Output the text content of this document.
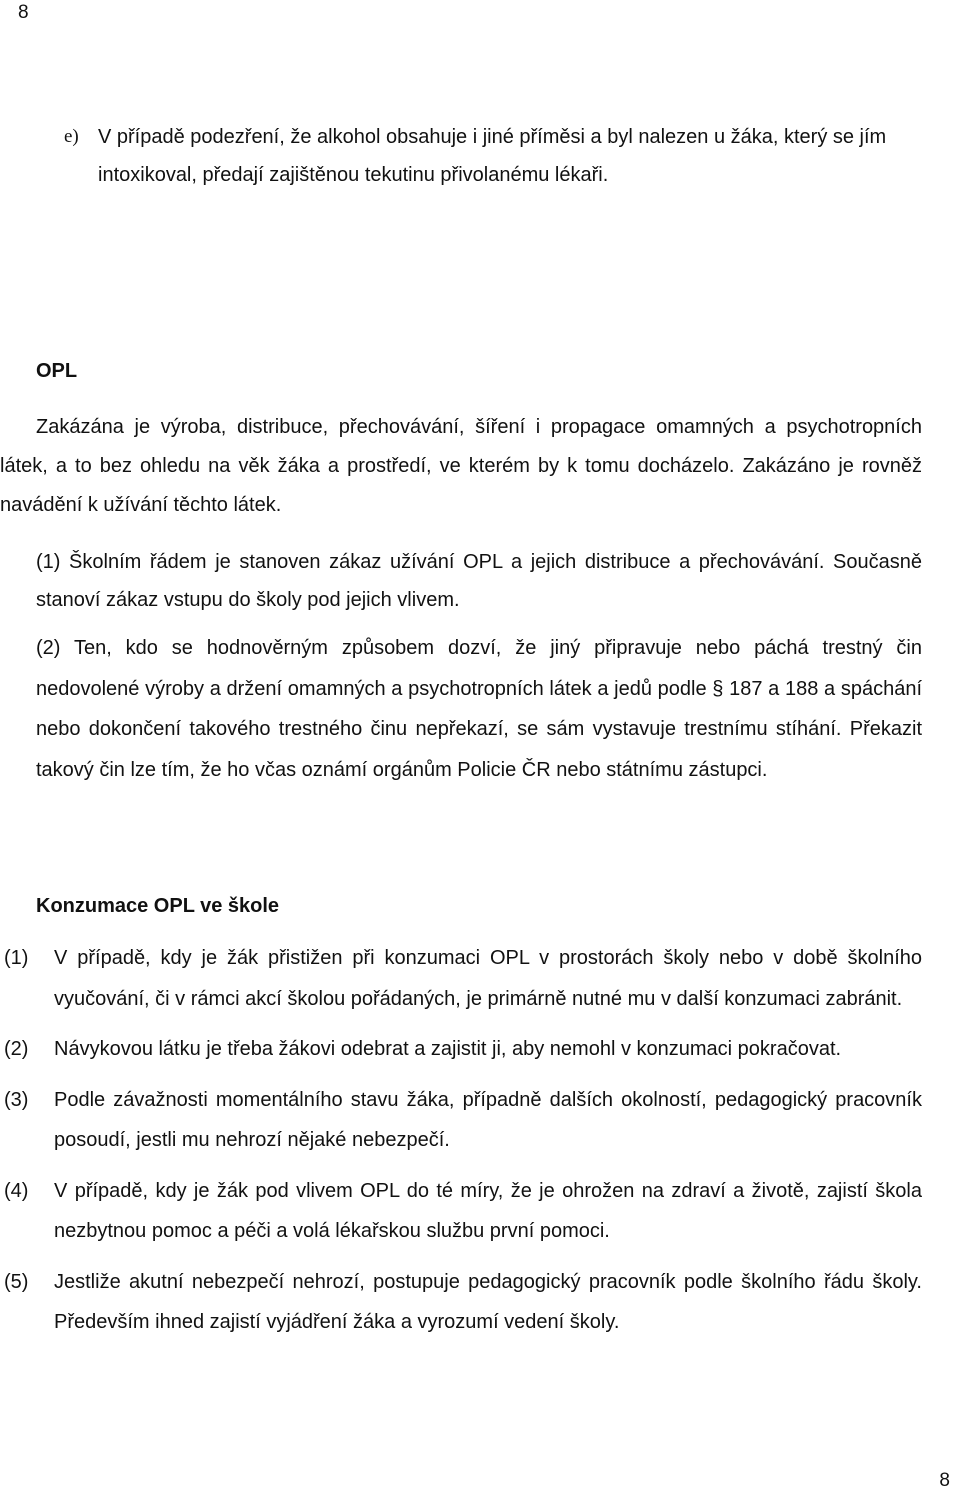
8
e) V případě podezření, že alkohol obsahuje i jiné příměsi a byl nalezen u žáka, který se jím intoxikoval, předají zajištěnou tekutinu přivolanému lékaři.
OPL
Zakázána je výroba, distribuce, přechovávání, šíření i propagace omamných a psychotropních látek, a to bez ohledu na věk žáka a prostředí, ve kterém by k tomu docházelo. Zakázáno je rovněž navádění k užívání těchto látek.
(1) Školním řádem je stanoven zákaz užívání OPL a jejich distribuce a přechovávání. Současně stanoví zákaz vstupu do školy pod jejich vlivem.
(2) Ten, kdo se hodnověrným způsobem dozví, že jiný připravuje nebo páchá trestný čin nedovolené výroby a držení omamných a psychotropních látek a jedů podle § 187 a 188 a spáchání nebo dokončení takového trestného činu nepřekazí, se sám vystavuje trestnímu stíhání. Překazit takový čin lze tím, že ho včas oznámí orgánům Policie ČR nebo státnímu zástupci.
Konzumace OPL ve škole
(1) V případě, kdy je žák přistižen při konzumaci OPL v prostorách školy nebo v době školního vyučování, či v rámci akcí školou pořádaných, je primárně nutné mu v další konzumaci zabránit.
(2) Návykovou látku je třeba žákovi odebrat a zajistit ji, aby nemohl v konzumaci pokračovat.
(3) Podle závažnosti momentálního stavu žáka, případně dalších okolností, pedagogický pracovník posoudí, jestli mu nehrozí nějaké nebezpečí.
(4) V případě, kdy je žák pod vlivem OPL do té míry, že je ohrožen na zdraví a životě, zajistí škola nezbytnou pomoc a péči a volá lékařskou službu první pomoci.
(5) Jestliže akutní nebezpečí nehrozí, postupuje pedagogický pracovník podle školního řádu školy. Především ihned zajistí vyjádření žáka a vyrozumí vedení školy.
8
